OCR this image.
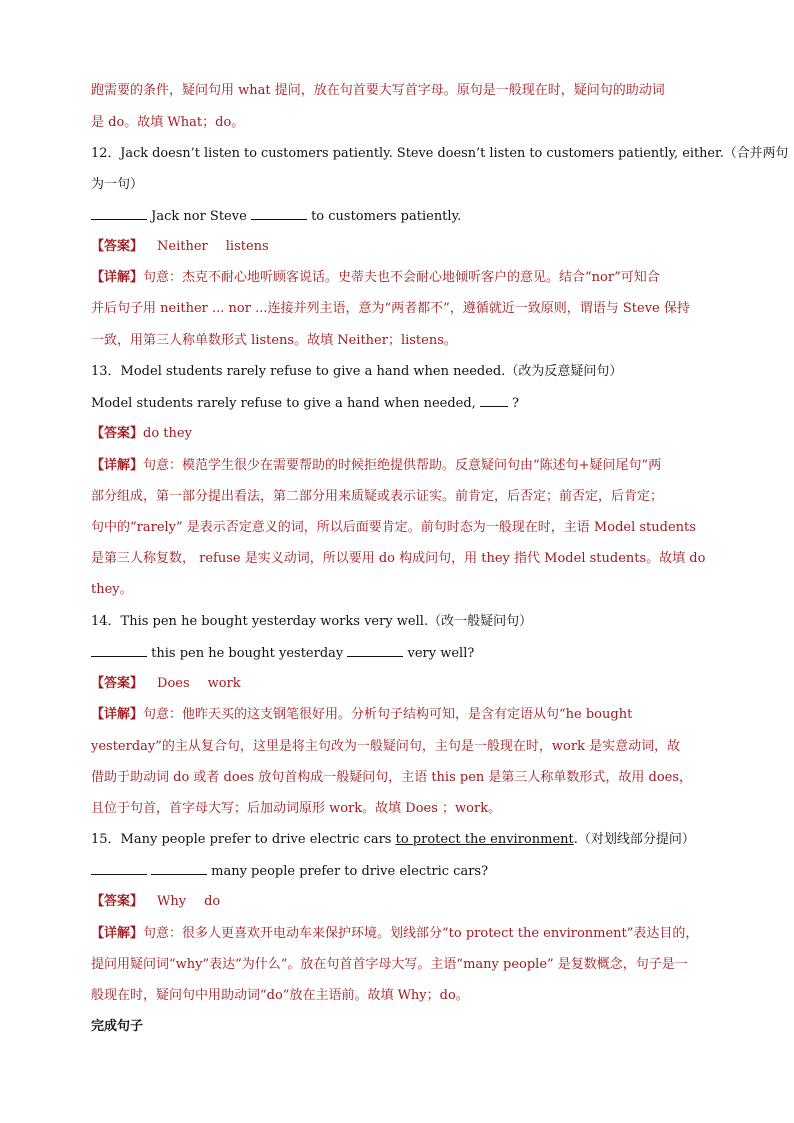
跑需要的条件，疑问句用 what 提问，放在句首要大写首字母。原句是一般现在时，疑问句的助动词
是 do。故填 What；do。
12．Jack doesn’t listen to customers patiently. Steve doesn’t listen to customers patiently, either.（合并两句
为一句）
Jack nor Steve	to customers patiently.
【答案】 Neither listens
【详解】句意：杰克不耐心地听顾客说话。史蒂夫也不会耐心地倾听客户的意见。结合“nor”可知合
并后句子用 neither ... nor ...连接并列主语，意为“两者都不”，遵循就近一致原则，谓语与 Steve 保持
一致，用第三人称单数形式 listens。故填 Neither；listens。
13．Model students rarely refuse to give a hand when needed.（改为反意疑问句）
Model students rarely refuse to give a hand when needed, ?
【答案】do they
【详解】句意：模范学生很少在需要帮助的时候拒绝提供帮助。反意疑问句由“陈述句+疑问尾句”两
部分组成，第一部分提出看法，第二部分用来质疑或表示证实。前肯定，后否定；前否定，后肯定；
句中的“rarely” 是表示否定意义的词，所以后面要肯定。前句时态为一般现在时，主语 Model students
是第三人称复数， refuse 是实义动词，所以要用 do 构成问句，用 they 指代 Model students。故填 do
they。
14．This pen he bought yesterday works very well.（改一般疑问句）
this pen he bought yesterday	very well?
【答案】 Does work
【详解】句意：他昨天买的这支钢笔很好用。分析句子结构可知，是含有定语从句“he bought
yesterday”的主从复合句，这里是将主句改为一般疑问句，主句是一般现在时，work 是实意动词，故
借助于助动词 do 或者 does 放句首构成一般疑问句，主语 this pen 是第三人称单数形式，故用 does，
且位于句首，首字母大写；后加动词原形 work。故填 Does ；work。
15．Many people prefer to drive electric cars to protect the environment.（对划线部分提问）
many people prefer to drive electric cars?
【答案】 Why do
【详解】句意：很多人更喜欢开电动车来保护环境。划线部分“to protect the environment”表达目的，
提问用疑问词“why”表达“为什么”。放在句首首字母大写。主语“many people” 是复数概念，句子是一
般现在时，疑问句中用助动词“do”放在主语前。故填 Why；do。
完成句子
